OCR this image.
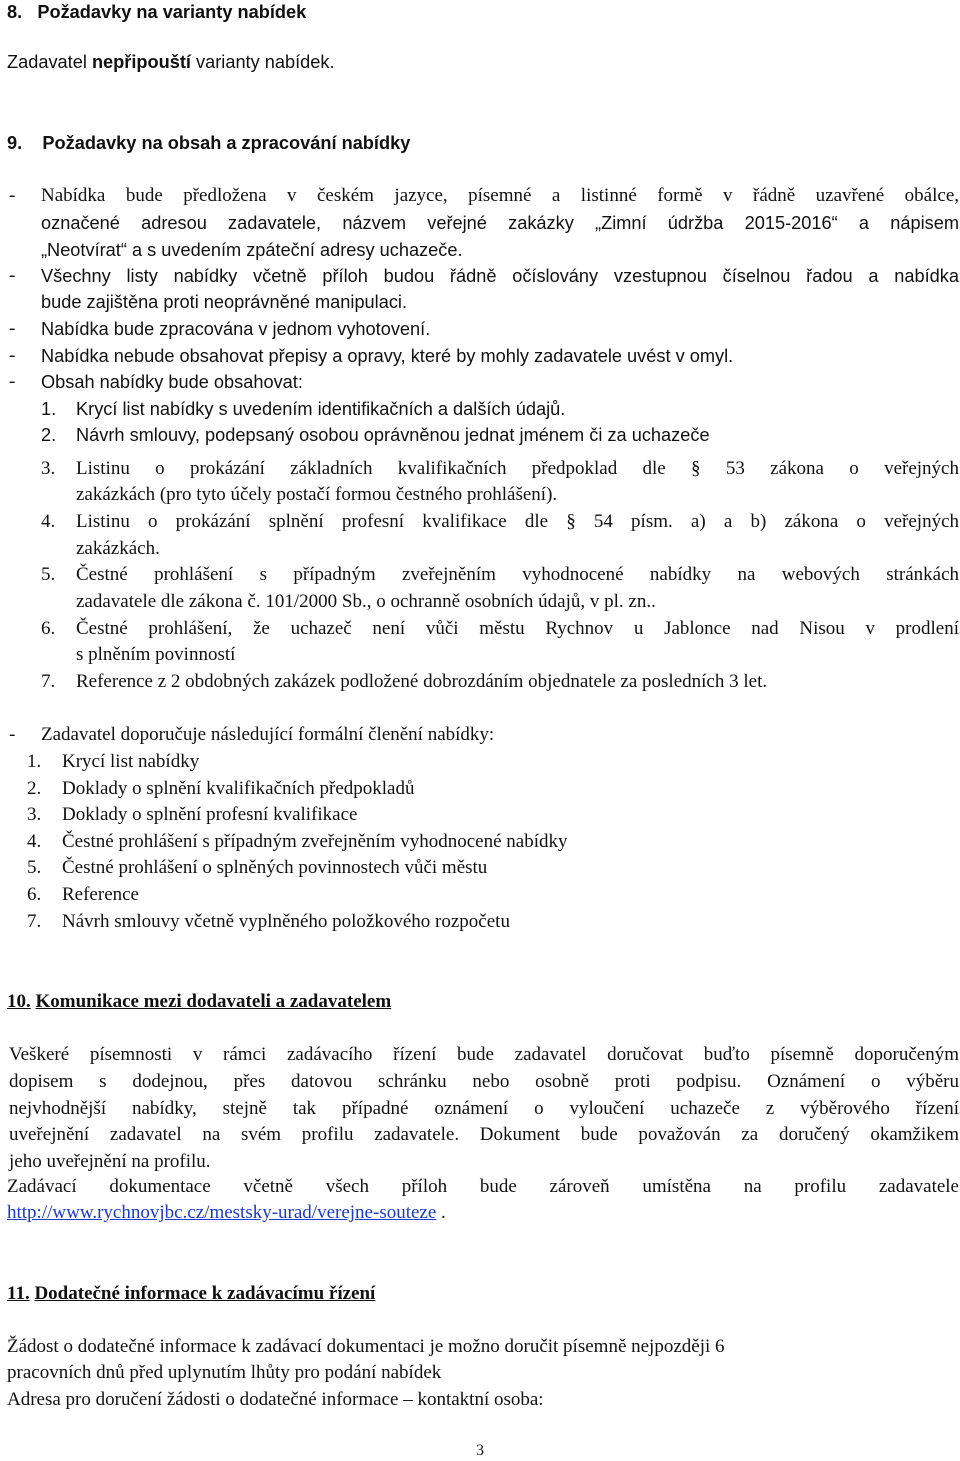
8. Požadavky na varianty nabídek
Zadavatel nepřipouští varianty nabídek.
9. Požadavky na obsah a zpracování nabídky
- Nabídka bude předložena v českém jazyce, písemné a listinné formě v řádně uzavřené obálce,
označené adresou zadavatele, názvem veřejné zakázky „Zimní údržba 2015-2016“ a nápisem
„Neotvírat“ a s uvedením zpáteční adresy uchazeče.
- Všechny listy nabídky včetně příloh budou řádně očíslovány vzestupnou číselnou řadou a nabídka
bude zajištěna proti neoprávněné manipulaci.
- Nabídka bude zpracována v jednom vyhotovení.
- Nabídka nebude obsahovat přepisy a opravy, které by mohly zadavatele uvést v omyl.
- Obsah nabídky bude obsahovat:
1. Krycí list nabídky s uvedením identifikačních a dalších údajů.
2. Návrh smlouvy, podepsaný osobou oprávněnou jednat jménem či za uchazeče
3. Listinu o prokázání základních kvalifikačních předpoklad dle § 53 zákona o veřejných
zakázkách (pro tyto účely postačí formou čestného prohlášení).
4. Listinu o prokázání splnění profesní kvalifikace dle § 54 písm. a) a b) zákona o veřejných
zakázkách.
5. Čestné prohlášení s případným zveřejněním vyhodnocené nabídky na webových stránkách
zadavatele dle zákona č. 101/2000 Sb., o ochranně osobních údajů, v pl. zn..
6. Čestné prohlášení, že uchazeč není vůči městu Rychnov u Jablonce nad Nisou v prodlení
s plněním povinností
7. Reference z 2 obdobných zakázek podložené dobrozdáním objednatele za posledních 3 let.
- Zadavatel doporučuje následující formální členění nabídky:
1. Krycí list nabídky
2. Doklady o splnění kvalifikačních předpokladů
3. Doklady o splnění profesní kvalifikace
4. Čestné prohlášení s případným zveřejněním vyhodnocené nabídky
5. Čestné prohlášení o splněných povinnostech vůči městu
6. Reference
7. Návrh smlouvy včetně vyplněného položkového rozpočetu
10. Komunikace mezi dodavateli a zadavatelem
Veškeré písemnosti v rámci zadávacího řízení bude zadavatel doručovat buďto písemně doporučeným
dopisem s dodejnou, přes datovou schránku nebo osobně proti podpisu. Oznámení o výběru
nejvhodnější nabídky, stejně tak případné oznámení o vyloučení uchazeče z výběrového řízení
uveřejnění zadavatel na svém profilu zadavatele. Dokument bude považován za doručený okamžikem
jeho uveřejnění na profilu.
Zadávací dokumentace včetně všech příloh bude zároveň umístěna na profilu zadavatele
http://www.rychnovjbc.cz/mestsky-urad/verejne-souteze .
11. Dodatečné informace k zadávacímu řízení
Žádost o dodatečné informace k zadávací dokumentaci je možno doručit písemně nejpozději 6
pracovních dnů před uplynutím lhůty pro podání nabídek
Adresa pro doručení žádosti o dodatečné informace – kontaktní osoba:
3
